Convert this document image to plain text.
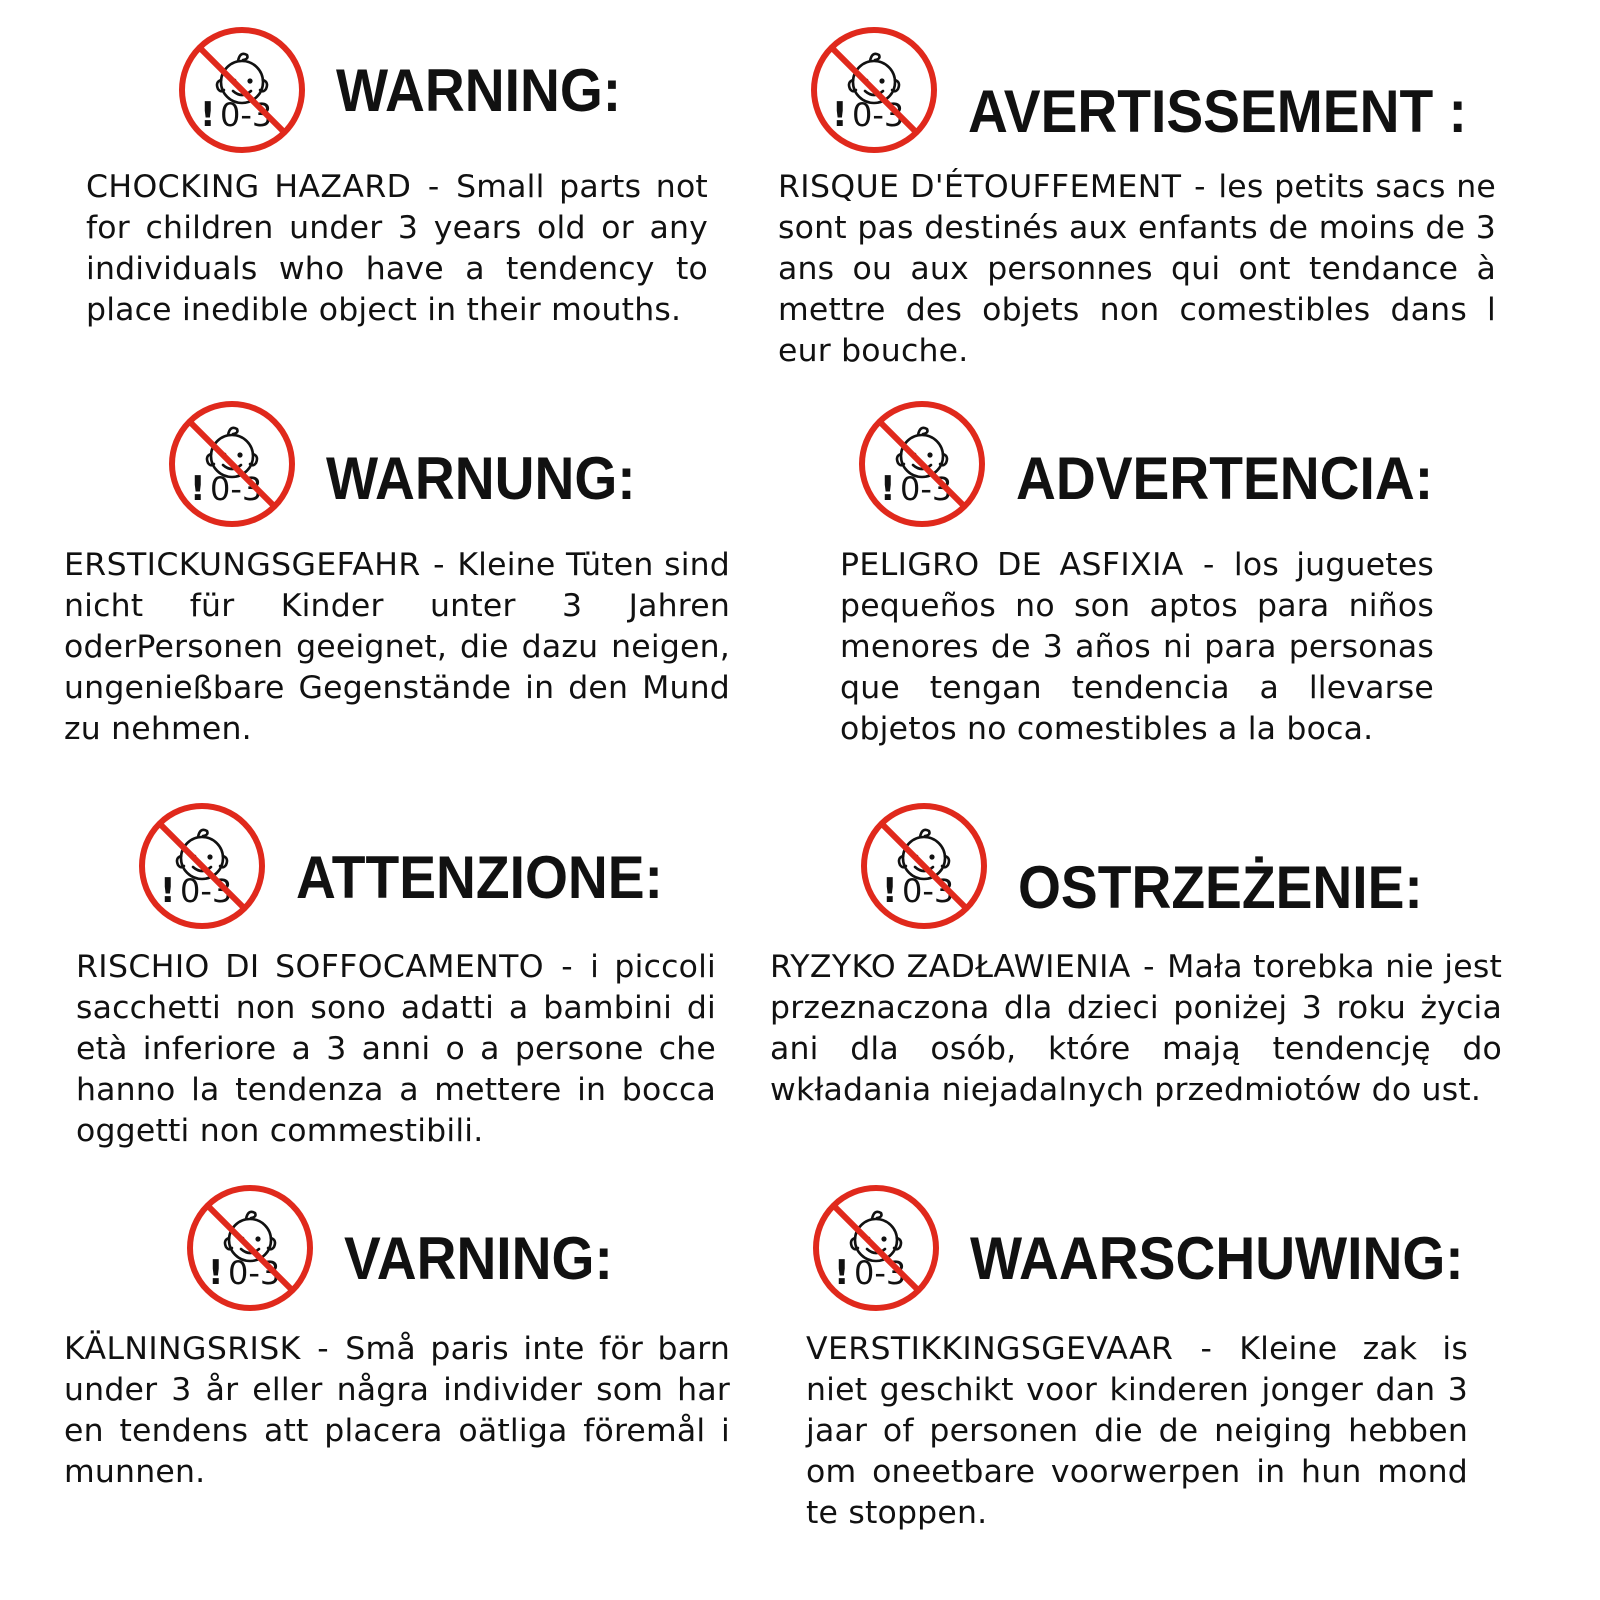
! 0-3 WARNING:
CHOCKING HAZARD - Small parts not for children under 3 years old or any individuals who have a tendency to place inedible object in their mouths.
! 0-3 AVERTISSEMENT :
RISQUE D'ÉTOUFFEMENT - les petits sacs ne sont pas destinés aux enfants de moins de 3 ans ou aux personnes qui ont tendance à mettre des objets non comestibles dans l eur bouche.
! 0-3 WARNUNG:
ERSTICKUNGSGEFAHR - Kleine Tüten sind nicht für Kinder unter 3 Jahren oderPersonen geeignet, die dazu neigen, ungenießbare Gegenstände in den Mund zu nehmen.
! 0-3 ADVERTENCIA:
PELIGRO DE ASFIXIA - los juguetes pequeños no son aptos para niños menores de 3 años ni para personas que tengan tendencia a llevarse objetos no comestibles a la boca.
! 0-3 ATTENZIONE:
RISCHIO DI SOFFOCAMENTO - i piccoli sacchetti non sono adatti a bambini di età inferiore a 3 anni o a persone che hanno la tendenza a mettere in bocca oggetti non commestibili.
! 0-3 OSTRZEŻENIE:
RYZYKO ZADŁAWIENIA - Mała torebka nie jest przeznaczona dla dzieci poniżej 3 roku życia ani dla osób, które mają tendencję do wkładania niejadalnych przedmiotów do ust.
! 0-3 VARNING:
KÄLNINGSRISK - Små paris inte för barn under 3 år eller några individer som har en tendens att placera oätliga föremål i munnen.
! 0-3 WAARSCHUWING:
VERSTIKKINGSGEVAAR - Kleine zak is niet geschikt voor kinderen jonger dan 3 jaar of personen die de neiging hebben om oneetbare voorwerpen in hun mond te stoppen.
